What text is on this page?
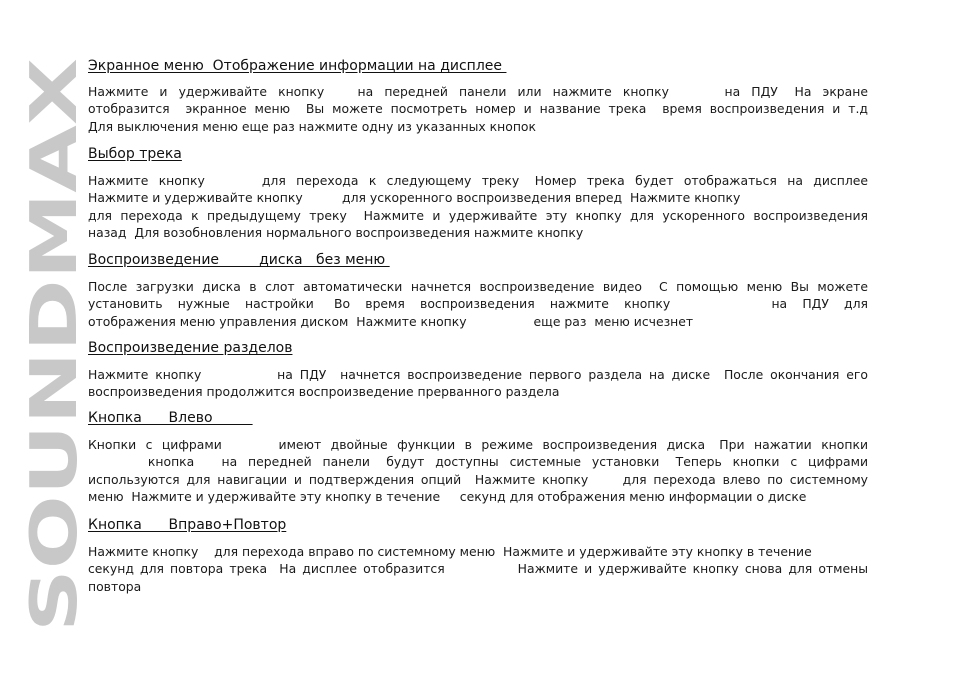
SOUNDMAX
Экранное меню  Отображение информации на дисплее
Нажмите  и  удерживайте  кнопку      на  передней  панели  или  нажмите  кнопку          на  ПДУ   На  экране
отобразится  экранное меню  Вы можете посмотреть номер и название трека  время воспроизведения и т.д
Для выключения меню еще раз нажмите одну из указанных кнопок
Выбор трека
Нажмите  кнопку           для  перехода  к  следующему  треку   Номер  трека  будет  отображаться  на  дисплее
Нажмите и удерживайте кнопку          для ускоренного воспроизведения вперед  Нажмите кнопку
для перехода к предыдущему треку  Нажмите и удерживайте эту кнопку для ускоренного воспроизведения
назад  Для возобновления нормального воспроизведения нажмите кнопку
Воспроизведение         диска   без меню
После загрузки диска в слот автоматически начнется воспроизведение видео  С помощью меню Вы можете
установить   нужные   настройки    Во   время   воспроизведения   нажмите   кнопку                    на   ПДУ   для
отображения меню управления диском  Нажмите кнопку                 еще раз  меню исчезнет
Воспроизведение разделов
Нажмите кнопку           на ПДУ  начнется воспроизведение первого раздела на диске  После окончания его
воспроизведения продолжится воспроизведение прерванного раздела
Кнопка      Влево
Кнопки  с  цифрами            имеют  двойные  функции  в  режиме  воспроизведения  диска   При  нажатии  кнопки
кнопка     на  передней  панели   будут  доступны  системные  установки   Теперь  кнопки  с  цифрами
используются для навигации и подтверждения опций  Нажмите кнопку     для перехода влево по системному
меню  Нажмите и удерживайте эту кнопку в течение     секунд для отображения меню информации о диске
Кнопка      Вправо+Повтор
Нажмите кнопку    для перехода вправо по системному меню  Нажмите и удерживайте эту кнопку в течение
секунд для повтора трека  На дисплее отобразится            Нажмите и удерживайте кнопку снова для отмены
повтора
